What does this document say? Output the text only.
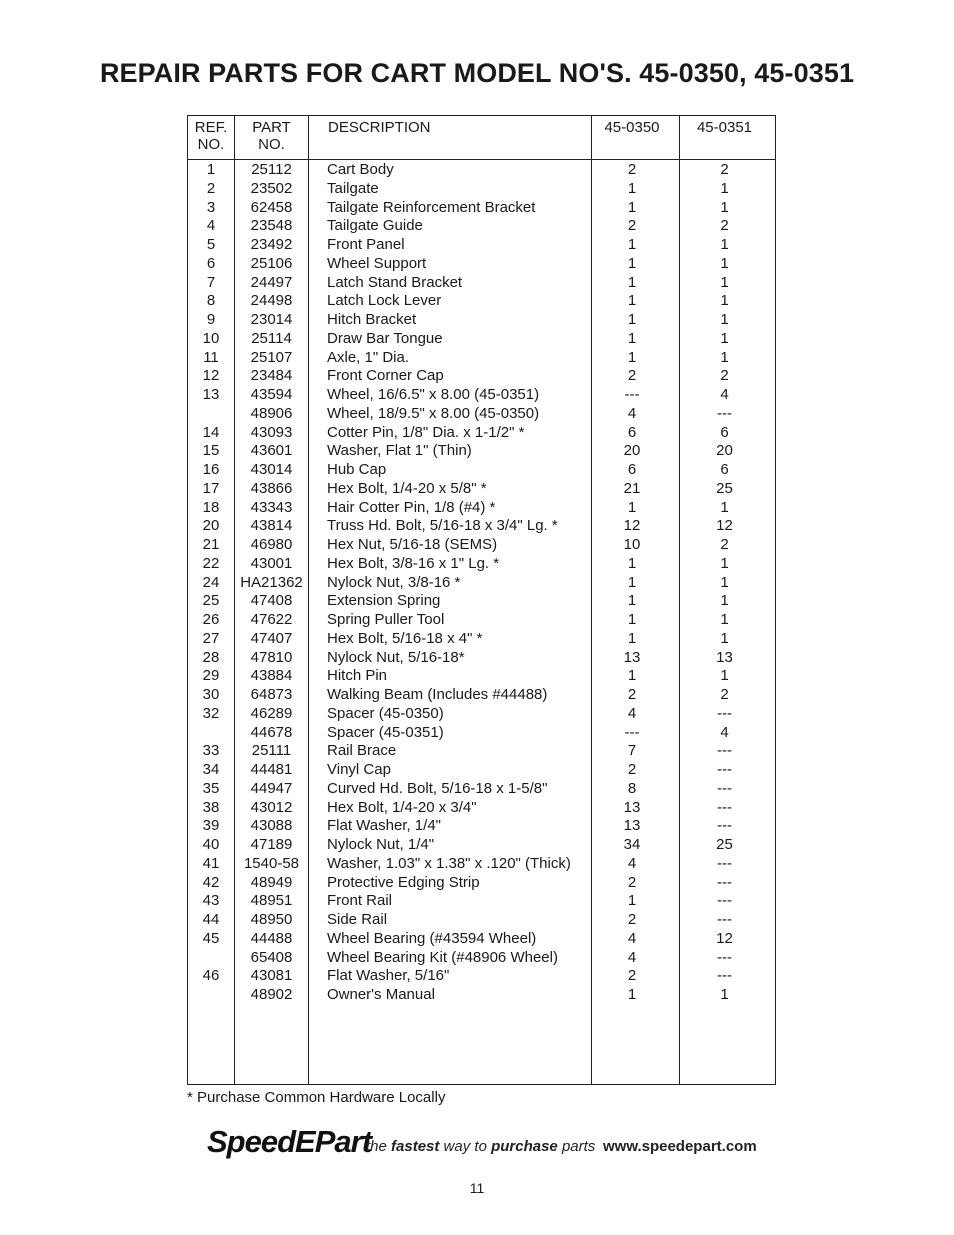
REPAIR PARTS FOR CART MODEL NO'S. 45-0350, 45-0351
REF.
NO.
PART
NO.
DESCRIPTION	45-0350	45-0351
1	25112	Cart Body	2	2
2	23502	Tailgate	1	1
3	62458	Tailgate Reinforcement Bracket	1	1
4	23548	Tailgate Guide	2	2
5	23492	Front Panel	1	1
6	25106	Wheel Support	1	1
7	24497	Latch Stand Bracket	1	1
8	24498	Latch Lock Lever	1	1
9	23014	Hitch Bracket	1	1
10	25114	Draw Bar Tongue	1	1
11	25107	Axle, 1" Dia.	1	1
12	23484	Front Corner Cap	2	2
13	43594	Wheel, 16/6.5" x 8.00 (45-0351)	---	4
48906	Wheel, 18/9.5" x 8.00 (45-0350)	4	---
14	43093	Cotter Pin, 1/8" Dia. x 1-1/2" *	6	6
15	43601	Washer, Flat 1" (Thin)	20	20
16	43014	Hub Cap	6	6
17	43866	Hex Bolt, 1/4-20 x 5/8" *	21	25
18	43343	Hair Cotter Pin, 1/8 (#4) *	1	1
20	43814	Truss Hd. Bolt, 5/16-18 x 3/4" Lg. *	12	12
21	46980	Hex Nut, 5/16-18 (SEMS)	10	2
22	43001	Hex Bolt, 3/8-16 x 1" Lg. *	1	1
24	HA21362	Nylock Nut, 3/8-16 *	1	1
25	47408	Extension Spring	1	1
26	47622	Spring Puller Tool	1	1
27	47407	Hex Bolt, 5/16-18 x 4" *	1	1
28	47810	Nylock Nut, 5/16-18*	13	13
29	43884	Hitch Pin	1	1
30	64873	Walking Beam (Includes #44488)	2	2
32	46289	Spacer (45-0350)	4	---
44678	Spacer (45-0351)	---	4
33	25111	Rail Brace	7	---
34	44481	Vinyl Cap	2	---
35	44947	Curved Hd. Bolt, 5/16-18 x 1-5/8"	8	---
38	43012	Hex Bolt, 1/4-20 x 3/4"	13	---
39	43088	Flat Washer, 1/4"	13	---
40	47189	Nylock Nut, 1/4"	34	25
41	1540-58	Washer, 1.03" x 1.38" x .120" (Thick)	4	---
42	48949	Protective Edging Strip	2	---
43	48951	Front Rail	1	---
44	48950	Side Rail	2	---
45	44488	Wheel Bearing (#43594 Wheel)	4	12
65408	Wheel Bearing Kit (#48906 Wheel)	4	---
46	43081	Flat Washer, 5/16"	2	---
48902	Owner's Manual	1	1
* Purchase Common Hardware Locally
SpeedEPart
the fastest way to purchase parts www.speedepart.com
11
